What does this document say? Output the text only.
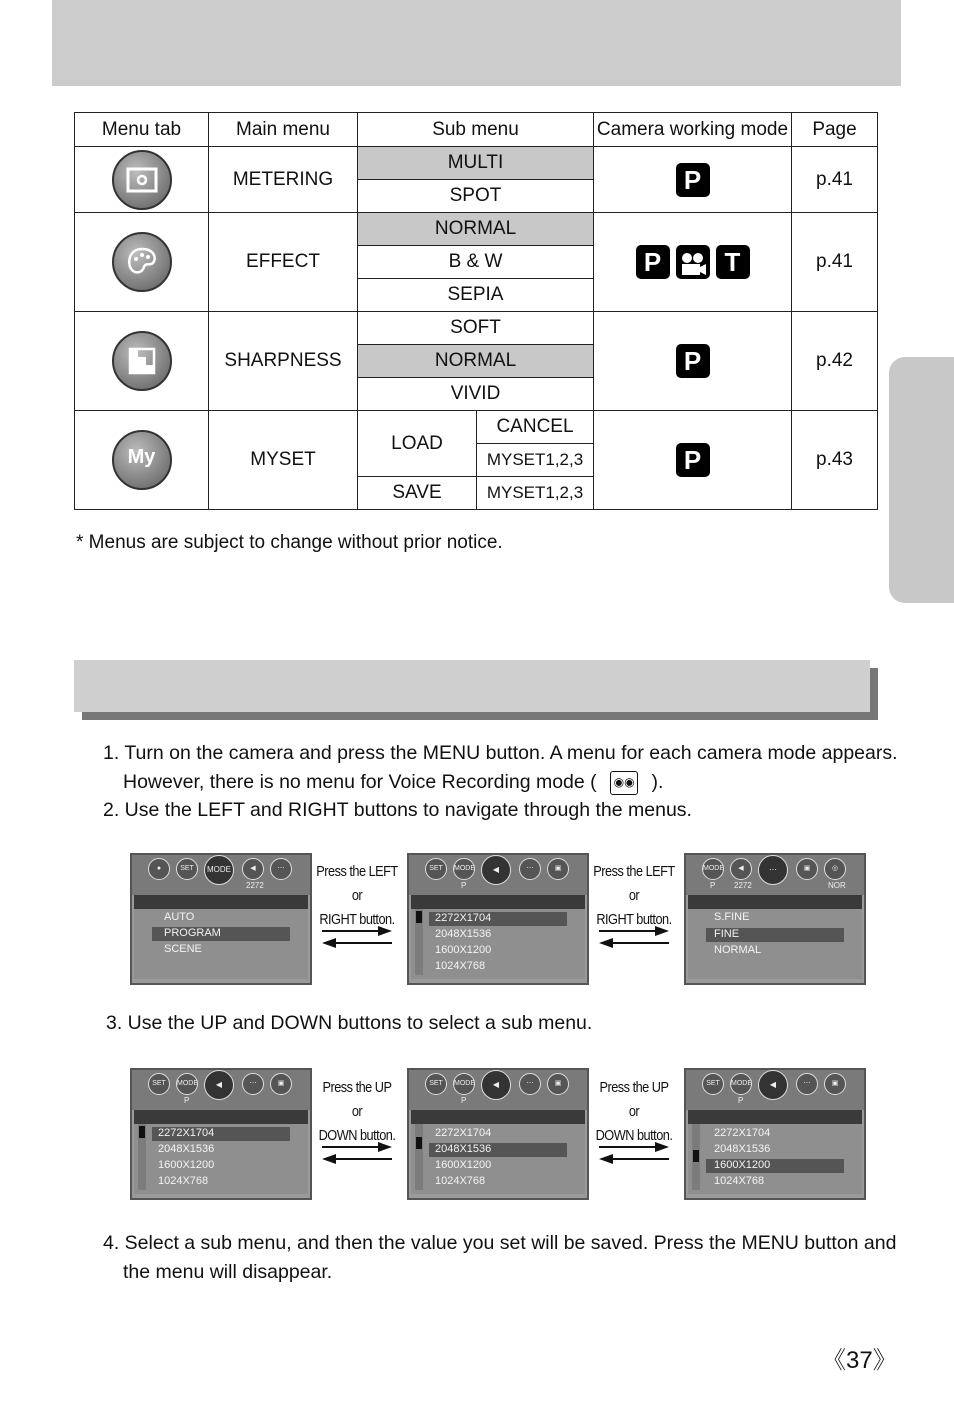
Menu tab	Main menu	Sub menu		Camera working mode	Page

	METERING	MULTI		P	p.41
		SPOT			

	EFFECT	NORMAL		P T	p.41
		B & W			
		SEPIA			

	SHARPNESS	SOFT		P	p.42
		NORMAL			
		VIVID			

My	MYSET	LOAD	CANCEL	P	p.43
			MYSET1,2,3		
		SAVE	MYSET1,2,3		
* Menus are subject to change without prior notice.
1. Turn on the camera and press the MENU button. A menu for each camera mode appears.
However, there is no menu for Voice Recording mode ( ◉◉ ).
2. Use the LEFT and RIGHT buttons to navigate through the menus.
●	SET	MODE	◀	⋯
2272
AUTO
PROGRAM
SCENE
Press the LEFT or
RIGHT button.
SET	MODE	◀	⋯	▣
P
2272X1704
2048X1536
1600X1200
1024X768
Press the LEFT or
RIGHT button.
MODE	◀	⋯	▣	◎
P 2272	NOR
S.FINE
FINE
NORMAL
3. Use the UP and DOWN buttons to select a sub menu.
SET	MODE	◀	⋯	▣
P
2272X1704
2048X1536
1600X1200
1024X768
Press the UP or
DOWN button.
SET	MODE	◀	⋯	▣
P
2272X1704
2048X1536
1600X1200
1024X768
Press the UP or
DOWN button.
SET	MODE	◀	⋯	▣
P
2272X1704
2048X1536
1600X1200
1024X768
4. Select a sub menu, and then the value you set will be saved. Press the MENU button and
the menu will disappear.
《37》
